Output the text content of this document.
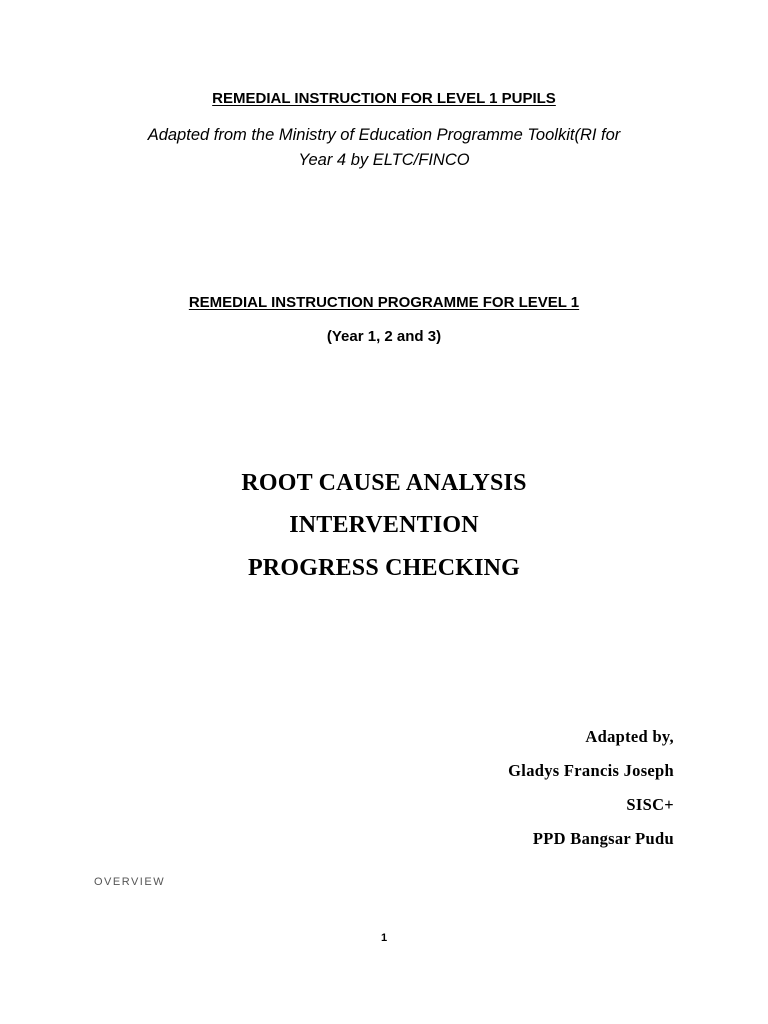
REMEDIAL INSTRUCTION FOR LEVEL 1 PUPILS
Adapted from the Ministry of Education Programme Toolkit(RI for
Year 4 by ELTC/FINCO
REMEDIAL INSTRUCTION PROGRAMME FOR LEVEL 1
(Year 1, 2 and 3)
ROOT CAUSE ANALYSIS
INTERVENTION
PROGRESS CHECKING
Adapted by,
Gladys Francis Joseph
SISC+
PPD Bangsar Pudu
OVERVIEW
1
